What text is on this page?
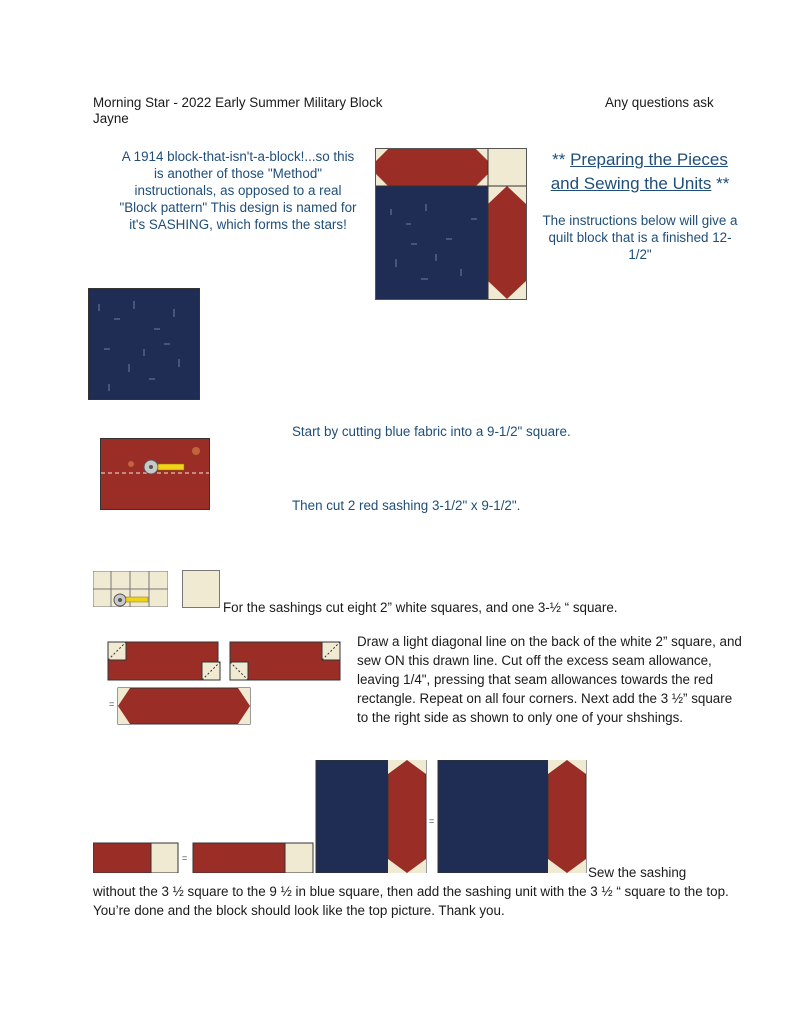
Morning Star - 2022 Early Summer Military Block	Any questions ask
Jayne
A 1914 block-that-isn't-a-block!...so this is another of those "Method" instructionals, as opposed to a real "Block pattern" This design is named for it's SASHING, which forms the stars!
** Preparing the Pieces and Sewing the Units **
The instructions below will give a quilt block that is a finished 12-1/2"
Start by cutting blue fabric into a 9-1/2" square.
Then cut 2 red sashing 3-1/2" x 9-1/2".
For the sashings cut eight 2” white squares, and one 3-½ “ square.
=
Draw a light diagonal line on the back of the white 2” square, and sew ON this drawn line. Cut off the excess seam allowance, leaving 1/4", pressing that seam allowances towards the red rectangle. Repeat on all four corners. Next add the 3 ½” square to the right side as shown to only one of your shshings.
=
=
Sew the sashing
without the 3 ½ square to the 9 ½ in blue square, then add the sashing unit with the 3 ½ “ square to the top. You’re done and the block should look like the top picture. Thank you.
